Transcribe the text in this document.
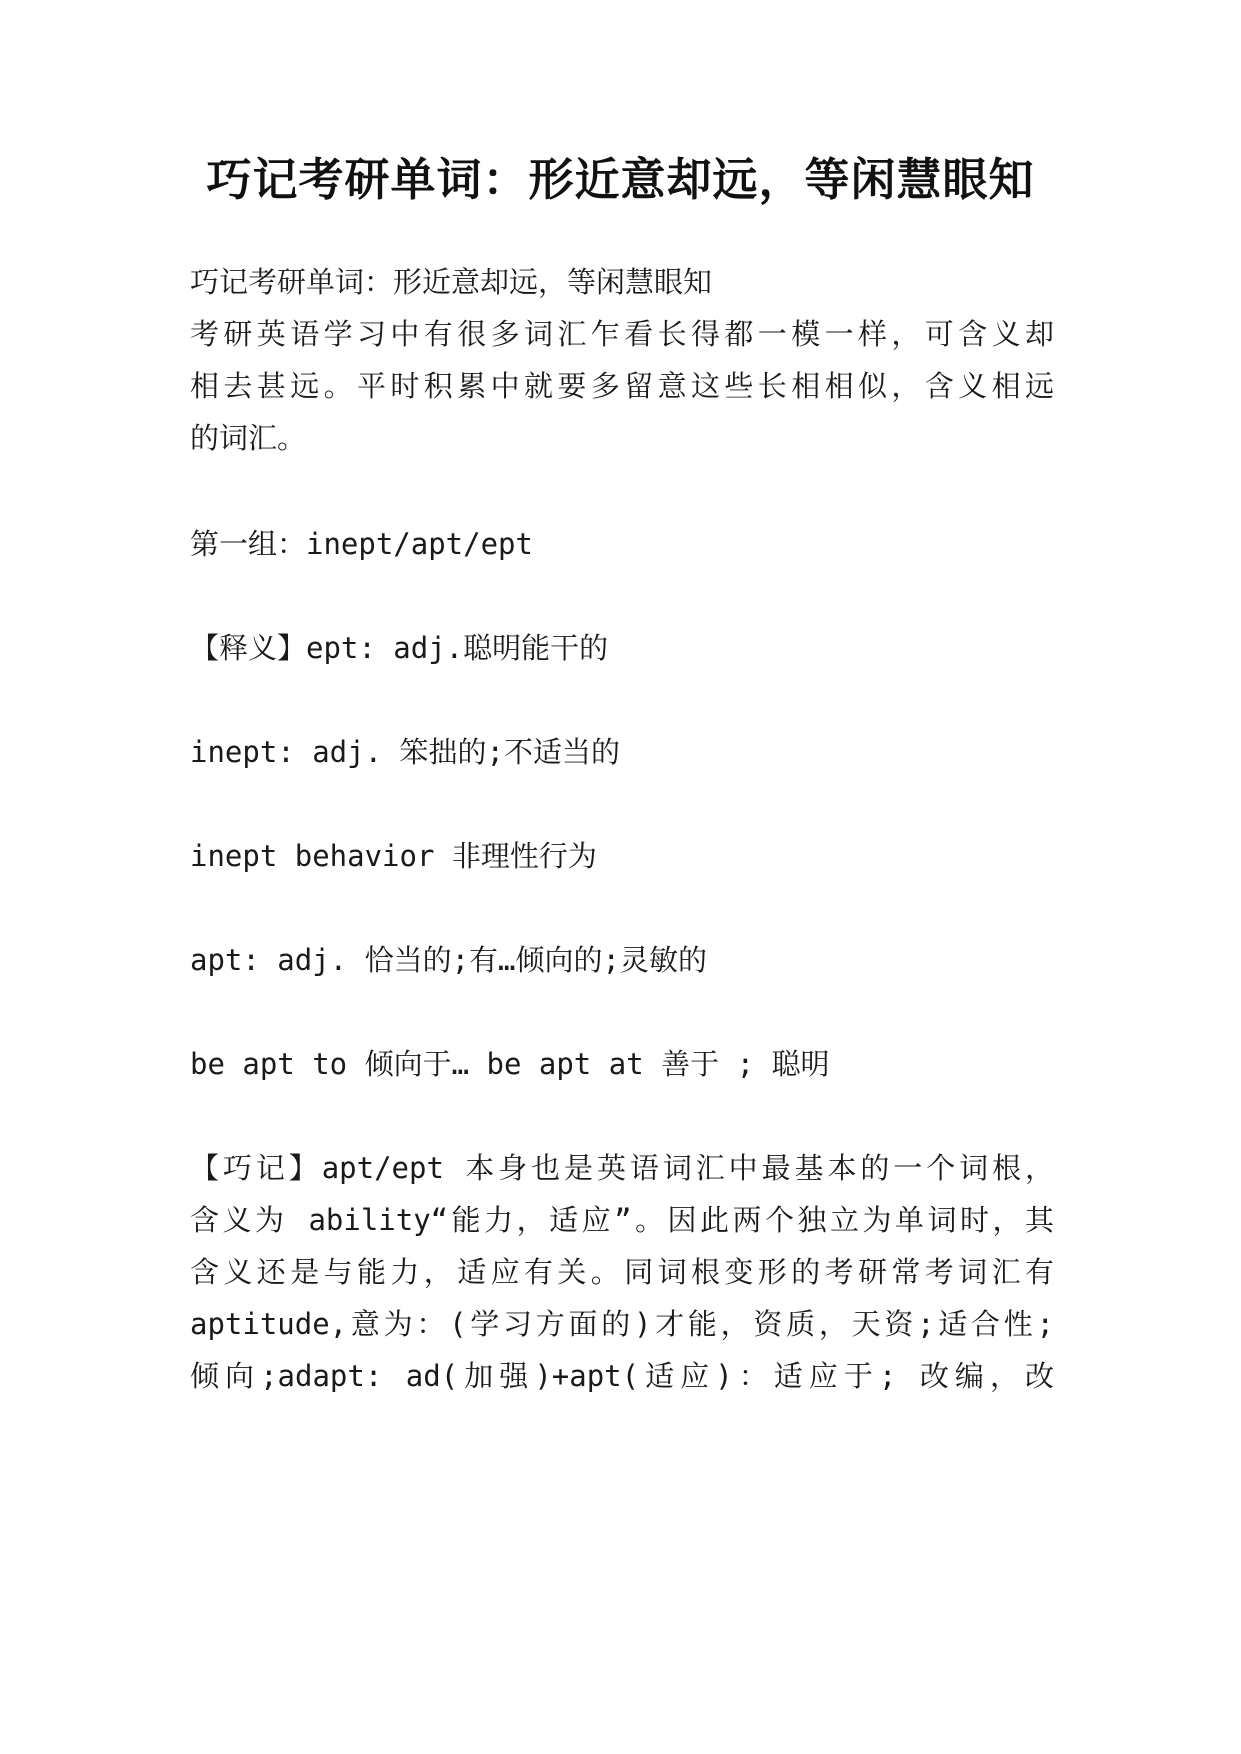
巧记考研单词：形近意却远，等闲慧眼知
巧记考研单词：形近意却远，等闲慧眼知
考研英语学习中有很多词汇乍看长得都一模一样，可含义却
相去甚远。平时积累中就要多留意这些长相相似，含义相远
的词汇。
第一组：inept/apt/ept
【释义】ept: adj.聪明能干的
inept: adj. 笨拙的;不适当的
inept behavior 非理性行为
apt: adj. 恰当的;有…倾向的;灵敏的
be apt to 倾向于… be apt at 善于 ; 聪明
【巧记】apt/ept 本身也是英语词汇中最基本的一个词根，
含义为 ability“能力，适应”。因此两个独立为单词时，其
含义还是与能力，适应有关。同词根变形的考研常考词汇有
aptitude,意为：(学习方面的)才能，资质，天资;适合性;
倾向;adapt: ad(加强)+apt(适应)：适应于; 改编，改
